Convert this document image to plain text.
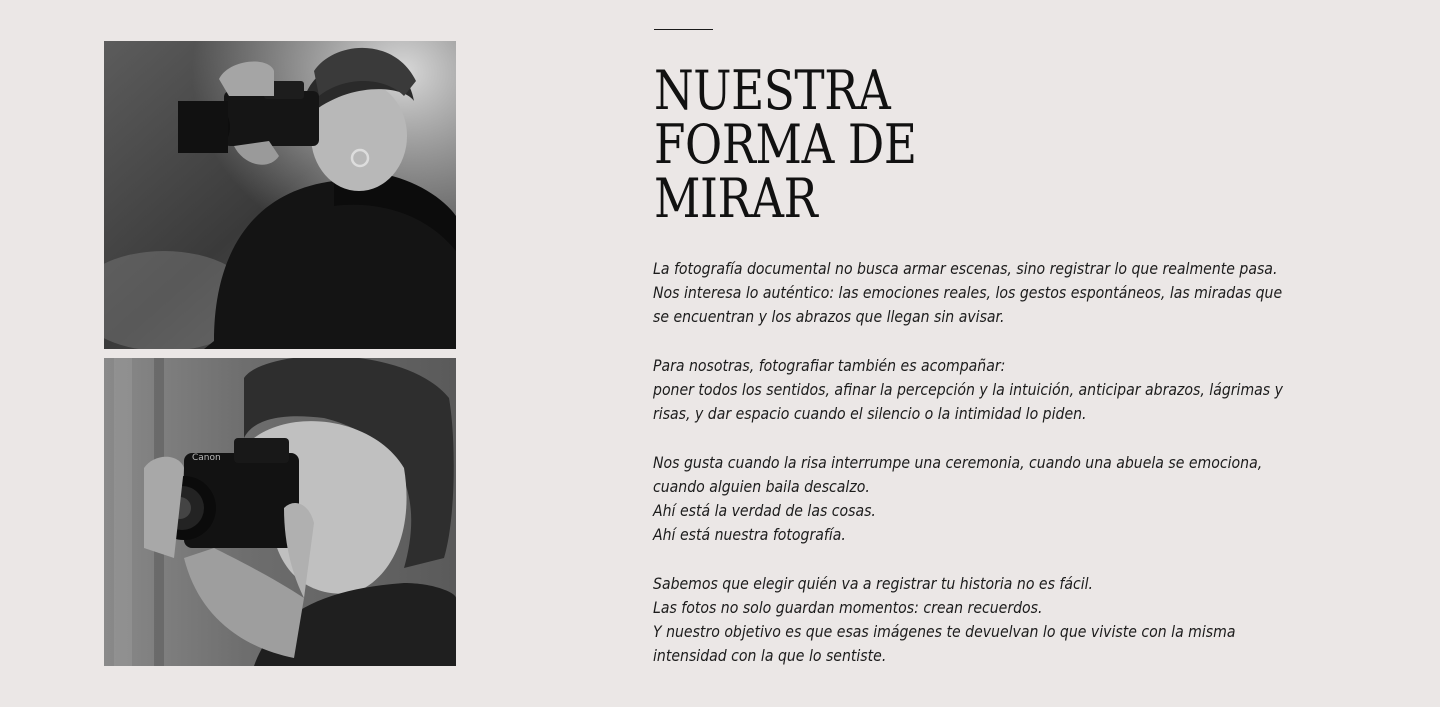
Canon
NUESTRA
FORMA DE
MIRAR

La fotografía documental no busca armar escenas, sino registrar lo que realmente pasa.
Nos interesa lo auténtico: las emociones reales, los gestos espontáneos, las miradas que
se encuentran y los abrazos que llegan sin avisar.

Para nosotras, fotografiar también es acompañar:
poner todos los sentidos, afinar la percepción y la intuición, anticipar abrazos, lágrimas y
risas, y dar espacio cuando el silencio o la intimidad lo piden.

Nos gusta cuando la risa interrumpe una ceremonia, cuando una abuela se emociona,
cuando alguien baila descalzo.
Ahí está la verdad de las cosas.
Ahí está nuestra fotografía.

Sabemos que elegir quién va a registrar tu historia no es fácil.
Las fotos no solo guardan momentos: crean recuerdos.
Y nuestro objetivo es que esas imágenes te devuelvan lo que viviste con la misma
intensidad con la que lo sentiste.
